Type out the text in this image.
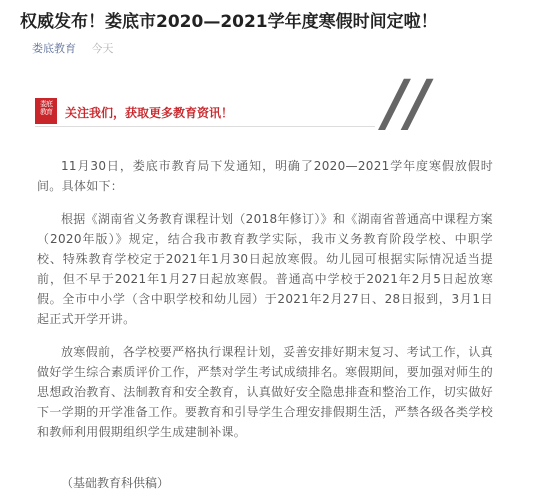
权威发布！娄底市2020—2021学年度寒假时间定啦！
娄底教育 今天
娄底
教育	关注我们，获取更多教育资讯！ //

11月30日，娄底市教育局下发通知，明确了2020—2021学年度寒假放假时间。具体如下：

根据《湖南省义务教育课程计划（2018年修订）》和《湖南省普通高中课程方案（2020年版）》规定，结合我市教育教学实际，我市义务教育阶段学校、中职学校、特殊教育学校定于2021年1月30日起放寒假。幼儿园可根据实际情况适当提前，但不早于2021年1月27日起放寒假。普通高中学校于2021年2月5日起放寒假。全市中小学（含中职学校和幼儿园）于2021年2月27日、28日报到，3月1日起正式开学开讲。

放寒假前，各学校要严格执行课程计划，妥善安排好期末复习、考试工作，认真做好学生综合素质评价工作，严禁对学生考试成绩排名。寒假期间，要加强对师生的思想政治教育、法制教育和安全教育，认真做好安全隐患排查和整治工作，切实做好下一学期的开学准备工作。要教育和引导学生合理安排假期生活，严禁各级各类学校和教师利用假期组织学生成建制补课。

（基础教育科供稿）
